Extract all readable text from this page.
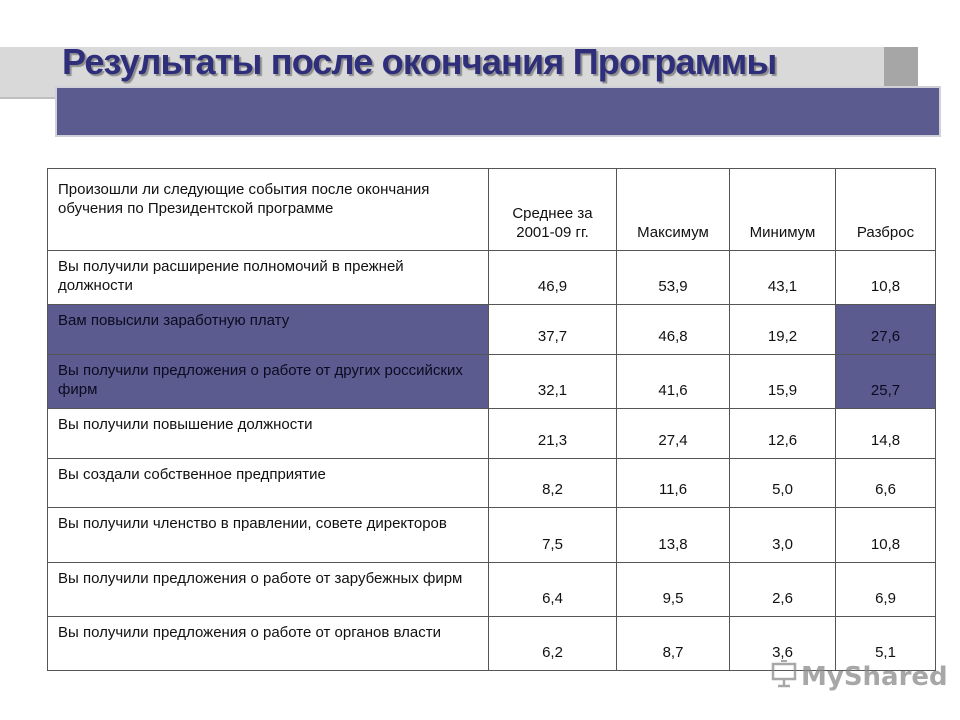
Результаты после окончания Программы
Произошли ли следующие события после окончания обучения по Президентской программе	Среднее за 2001-09 гг.	Максимум	Минимум	Разброс
Вы получили расширение полномочий в прежней должности	46,9	53,9	43,1	10,8
Вам повысили заработную плату	37,7	46,8	19,2	27,6
Вы получили предложения о работе от других российских фирм	32,1	41,6	15,9	25,7
Вы получили повышение должности	21,3	27,4	12,6	14,8
Вы создали собственное предприятие	8,2	11,6	5,0	6,6
Вы получили членство в правлении, совете директоров	7,5	13,8	3,0	10,8
Вы получили предложения о работе от зарубежных фирм	6,4	9,5	2,6	6,9
Вы получили предложения о работе от органов власти	6,2	8,7	3,6	5,1
MyShared
